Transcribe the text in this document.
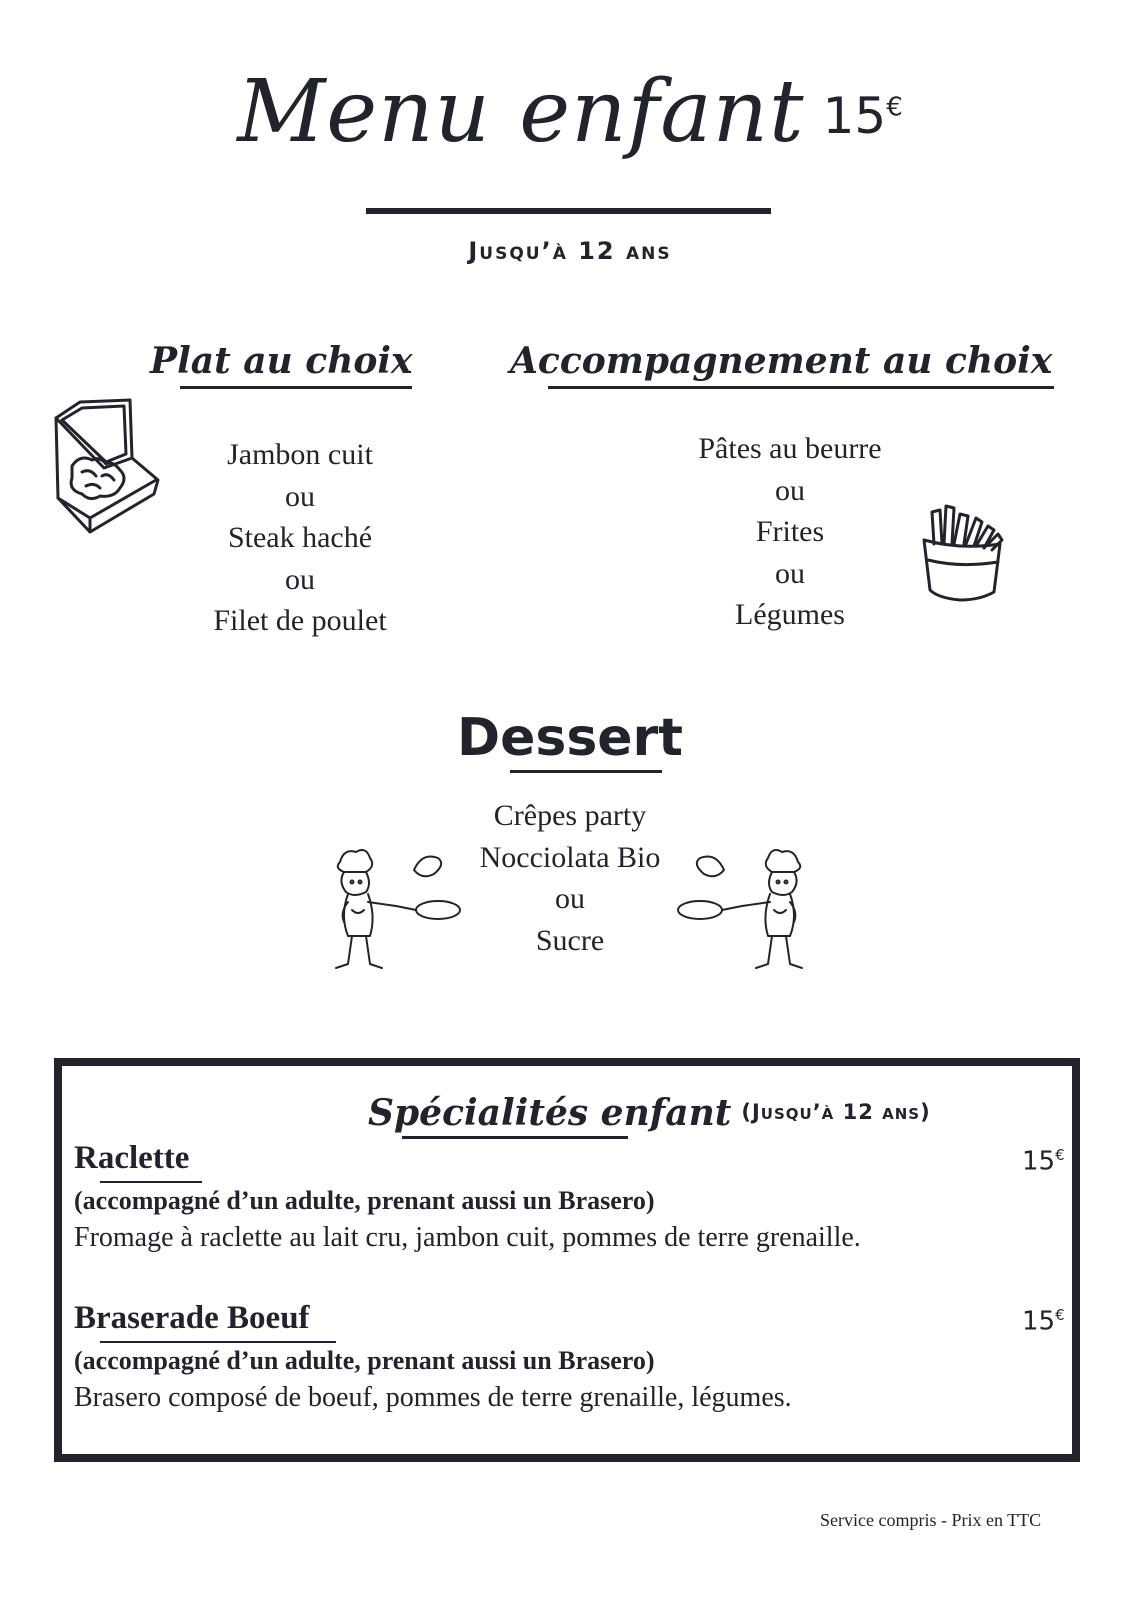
Menu enfant 15€
Jusqu’à 12 ans
Plat au choix
Jambon cuit
ou
Steak haché
ou
Filet de poulet
Accompagnement au choix
Pâtes au beurre
ou
Frites
ou
Légumes
Dessert
Crêpes party
Nocciolata Bio
ou
Sucre
Spécialités enfant (Jusqu’à 12 ans)
Raclette	15€
(accompagné d’un adulte, prenant aussi un Brasero)
Fromage à raclette au lait cru, jambon cuit, pommes de terre grenaille.
Braserade Boeuf	15€
(accompagné d’un adulte, prenant aussi un Brasero)
Brasero composé de boeuf, pommes de terre grenaille, légumes.
Service compris - Prix en TTC
